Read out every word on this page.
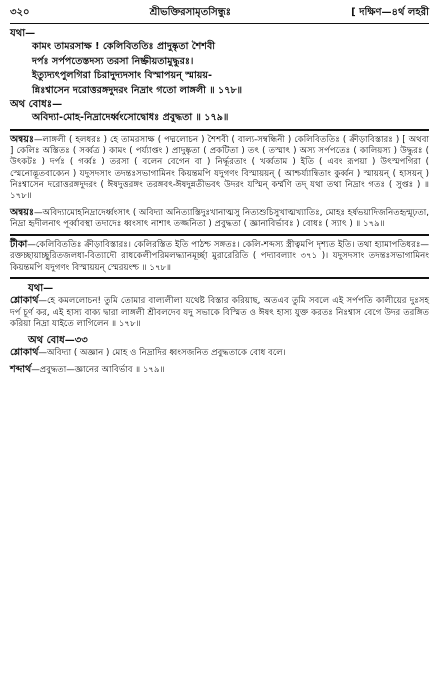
৩২০	শ্রীভক্তিরসামৃতসিন্ধুঃ	[ দক্ষিণ—৪র্থ লহরী
যথা—
কামং তামরসাক্ষ ! কেলিবিততিঃ প্রাদুষ্কৃতা শৈশবী
দর্পঃ সর্পপতেস্তদস্য তরসা নিষ্ক্রীয়তামুদ্ধুরঃ।
ইত্যুদ্যৎপুলগিরা চিরাদুদ্যদসাং বিস্মাপয়ন্ স্মায়য়-
ন্নিঃশ্বাসেন দরোত্তরঙ্গদুদরং নিদ্রাং গতো লাঙ্গলী ॥ ১৭৮॥
অথ বোধঃ—
অবিদ্যা-মোহ-নিদ্রাদের্ধ্বংসোদ্বোধঃ প্রবুদ্ধতা ॥ ১৭৯॥

অন্বয়ঃ—লাঙ্গলী ( হলধরঃ ) হে তামরসাক্ষ ( পদ্মলোচন ) শৈশবী ( বাল্য-সম্বন্ধিনী ) কেলিবিততিঃ ( ক্রীড়াবিস্তারঃ ) [ অথবা ] কেলিঃ অস্তিতঃ ( সর্ব্বত্র ) কামং ( পর্য্যাপ্তং ) প্রাদুষ্কৃতা ( প্রকটিতা ) তৎ ( তস্মাৎ ) অস্য সর্পপতেঃ ( কালিয়স্য ) উদ্ধুরঃ ( উৎকটঃ ) দর্পঃ ( গর্ব্বঃ ) তরসা ( বলেন বেগেন বা ) নির্দ্ধূরতাং ( খর্ব্বতাম ) ইতি ( এবং রূপয়া ) উৎস্মপগিরা ( স্মেনোদ্ভূতবাক্যেন ) যদুসদসাং তদন্তঃসভাগামিনং কিয়ন্তমপি যদুগণং বিস্মায়য়ন্ ( আশ্চর্য্যান্বিতাং কুর্ব্বন ) স্মায়য়ন্ ( হাসয়ন্ ) নিঃশ্বাসেন দরোত্তরঙ্গদুদরং ( ঈষদুত্তরঙ্গং তরঙ্গবৎ-ঈষদুন্নতীভবৎ উদরং যস্মিন্ কর্ম্মণি তদ্ যথা তথা নিদ্রাং গতঃ ( সুপ্তঃ ) ॥ ১৭৮॥

অন্বয়ঃ—অবিদ্যামোহনিদ্রাদের্ধ্বংসাৎ ( অবিদ্যা অনিত্যাস্তিদুঃখানাত্মসু নিত্যশুচিসুখাত্মখ্যাতিঃ, মোহঃ হর্ষভয়াদিজনিতহৃন্মূঢ়তা, নিদ্রা হৃদীলনাৎ পূর্ব্বাবস্থা তদাদেঃ ধ্বংসাৎ নাশাৎ তজ্জনিতা ) প্রবুদ্ধতা ( জ্ঞানাবির্ভাবঃ ) বোধঃ ( স্যাৎ ) ॥ ১৭৯॥

টীকা—কেলিবিততিঃ ক্রীড়াবিস্তারঃ। কেলিরস্তিত ইতি পাঠশ্চ সঙ্গতঃ। কেলি-শব্দস্য স্ত্রীত্বমপি দৃশ্যত ইতি। তথা হ্যামাপতিধরঃ—রক্তচ্ছায়াচ্ছুরিতজলধা-বিত্যাদৌ রাধকেলীপরিমলদ্ধ্যানমূর্চ্ছা মুরারেরিতি ( পদ্যাবল্যাং ৩৭১ )। যদুসদসাং তদন্তঃসভাগামিনং কিয়ন্তমপি যদুগণং বিস্মায়য়ন্ স্মেরয়ংশ্চ ॥ ১৭৮॥

যথা—

শ্লোকার্থ—হে কমললোচন! তুমি তোমার বাল্যলীলা যথেষ্ট বিস্তার করিয়াছ, অতএব তুমি সবলে এই সর্পপতি কালীয়ের দুঃসহ দর্প চূর্ণ কর, এই হাস্য বাক্য দ্বারা লাঙ্গলী শ্রীবলদেব যদু সভাকে বিস্মিত ও ঈষৎ হাস্য যুক্ত করতঃ নিঃশ্বাস বেগে উদর তরঙ্গিত করিয়া নিদ্রা যাইতে লাগিলেন ॥ ১৭৮॥

অথ বোধ—৩৩

শ্লোকার্থ—অবিদ্যা ( অজ্ঞান ) মোহ ও নিদ্রাদির ধ্বংসজনিত প্রবুদ্ধতাকে বোধ বলে।

শব্দার্থ—প্রবুদ্ধতা—জ্ঞানের আবির্ভাব ॥ ১৭৯॥
